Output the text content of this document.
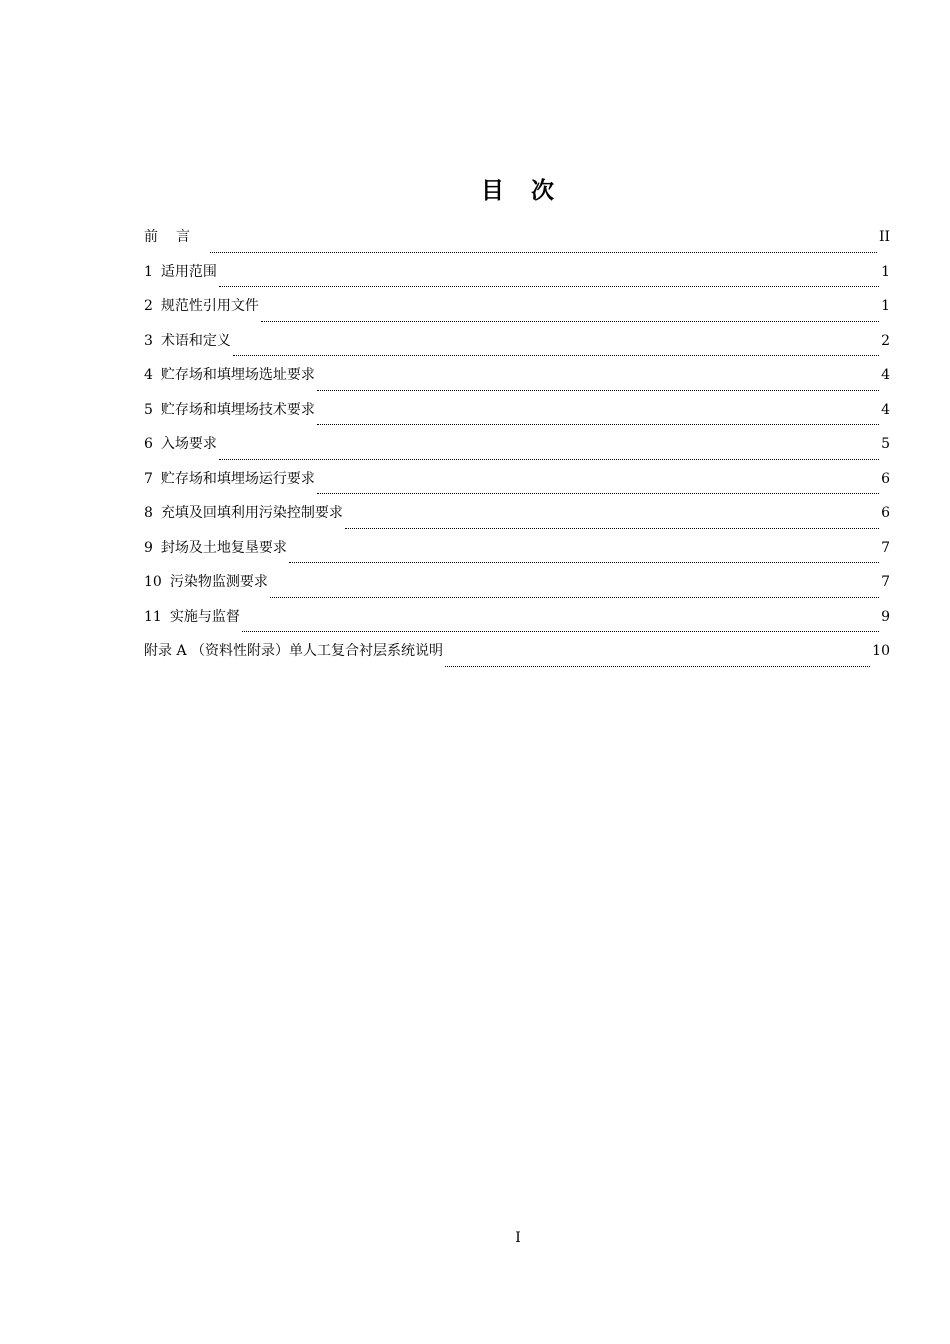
目 次
前言	II
1 适用范围	1
2 规范性引用文件	1
3 术语和定义	2
4 贮存场和填埋场选址要求	4
5 贮存场和填埋场技术要求	4
6 入场要求	5
7 贮存场和填埋场运行要求	6
8 充填及回填利用污染控制要求	6
9 封场及土地复垦要求	7
10 污染物监测要求	7
11 实施与监督	9
附录 A （资料性附录）单人工复合衬层系统说明	10
I
